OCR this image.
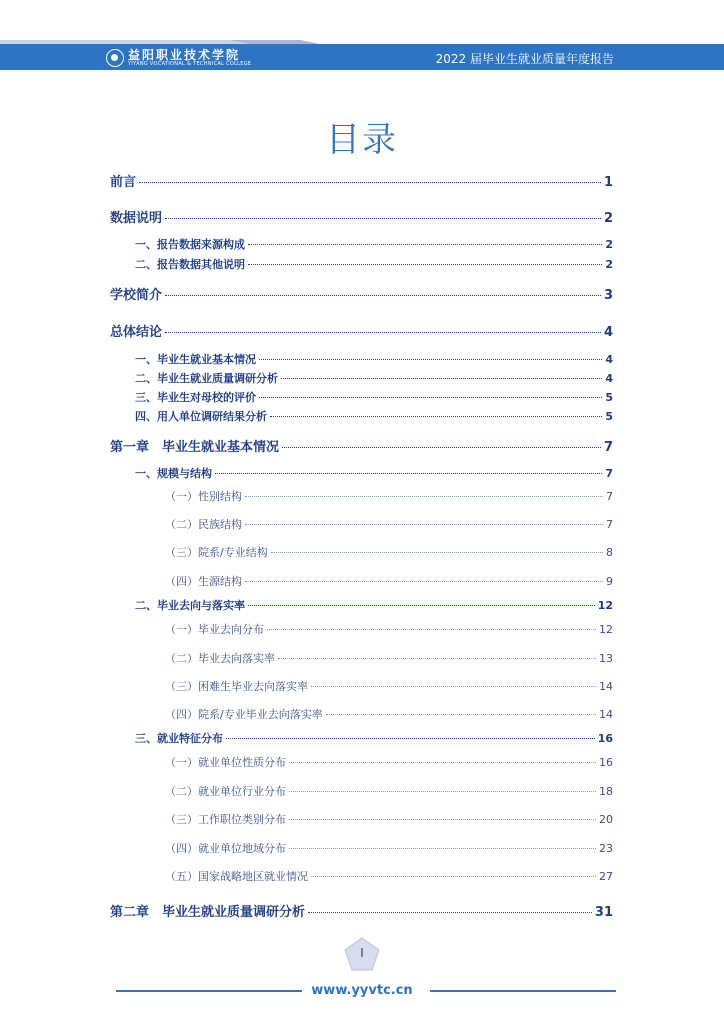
益阳职业技术学院
YIYANG VOCATIONAL & TECHNICAL COLLEGE	2022 届毕业生就业质量年度报告
目录
前言	1
数据说明	2
一、报告数据来源构成	2
二、报告数据其他说明	2
学校简介	3
总体结论	4
一、毕业生就业基本情况	4
二、毕业生就业质量调研分析	4
三、毕业生对母校的评价	5
四、用人单位调研结果分析	5
第一章　毕业生就业基本情况	7
一、规模与结构	7
（一）性别结构	7
（二）民族结构	7
（三）院系/专业结构	8
（四）生源结构	9
二、毕业去向与落实率	12
（一）毕业去向分布	12
（二）毕业去向落实率	13
（三）困难生毕业去向落实率	14
（四）院系/专业毕业去向落实率	14
三、就业特征分布	16
（一）就业单位性质分布	16
（二）就业单位行业分布	18
（三）工作职位类别分布	20
（四）就业单位地域分布	23
（五）国家战略地区就业情况	27
第二章　毕业生就业质量调研分析	31
I
www.yyvtc.cn
